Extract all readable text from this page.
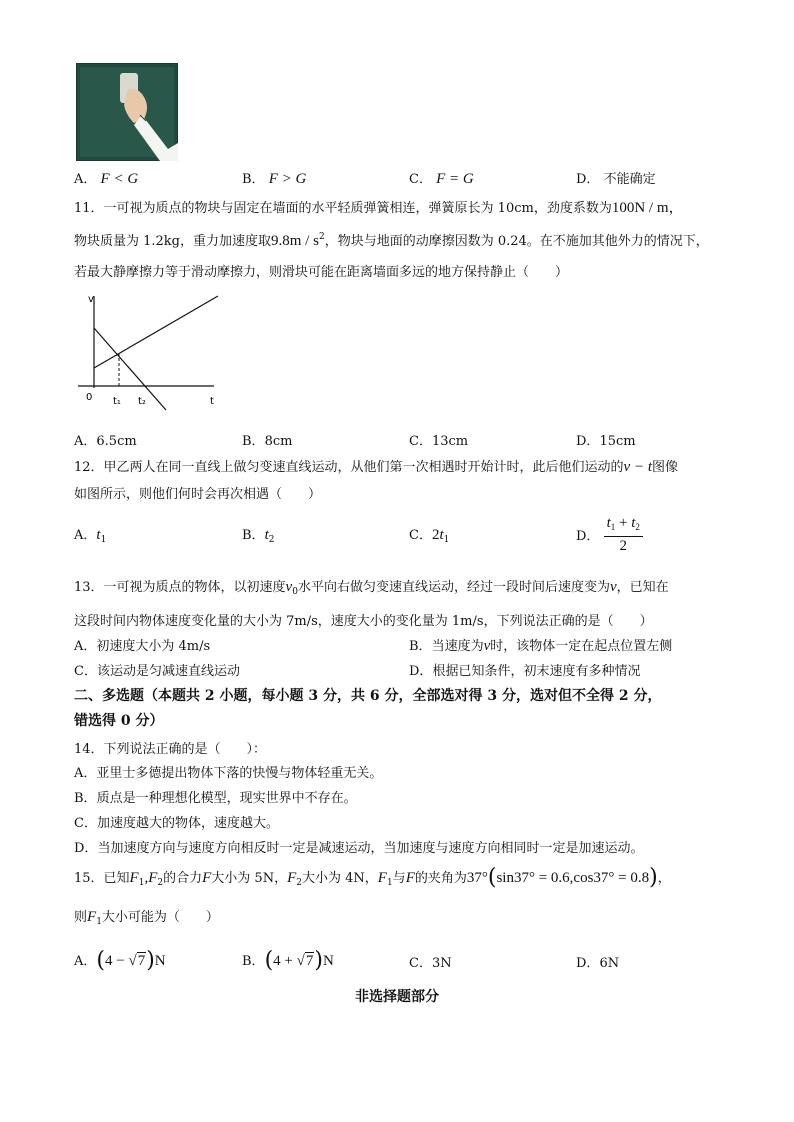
A． F < G	B． F > G	C． F = G	D． 不能确定
11．一可视为质点的物块与固定在墙面的水平轻质弹簧相连，弹簧原长为 10cm，劲度系数为100N / m，
物块质量为 1.2kg，重力加速度取$9.8m / s^2$，物块与地面的动摩擦因数为 0.24。在不施加其他外力的情况下，
若最大静摩擦力等于滑动摩擦力，则滑块可能在距离墙面多远的地方保持静止（　　）
v
0 t₁ t₂	t
A．6.5cm	B．8cm	C．13cm	D．15cm
12．甲乙两人在同一直线上做匀变速直线运动，从他们第一次相遇时开始计时，此后他们运动的v − t图像
如图所示，则他们何时会再次相遇（　　）
A．$t_1$	B．$t_2$	C．$2t_1$	D． $\frac{t_1 + t_2}{2}$
13．一可视为质点的物体，以初速度$v_0$水平向右做匀变速直线运动，经过一段时间后速度变为v，已知在
这段时间内物体速度变化量的大小为 7m/s，速度大小的变化量为 1m/s，下列说法正确的是（　　）
A．初速度大小为 4m/s	B．当速度为v时，该物体一定在起点位置左侧
C．该运动是匀减速直线运动	D．根据已知条件，初末速度有多种情况
二、多选题（本题共 2 小题，每小题 3 分，共 6 分，全部选对得 3 分，选对但不全得 2 分，
错选得 0 分）
14．下列说法正确的是（　　）：
A．亚里士多德提出物体下落的快慢与物体轻重无关。
B．质点是一种理想化模型，现实世界中不存在。
C．加速度越大的物体，速度越大。
D．当加速度方向与速度方向相反时一定是减速运动，当加速度与速度方向相同时一定是加速运动。
15．已知$F_1,F_2$的合力F大小为 5N，$F_2$大小为 4N，$F_1$与F的夹角为37°(sin37° = 0.6,cos37° = 0.8)，
则$F_1$大小可能为（　　）
A．(4 − √7)N	B．(4 + √7)N	C．3N	D．6N
非选择题部分
